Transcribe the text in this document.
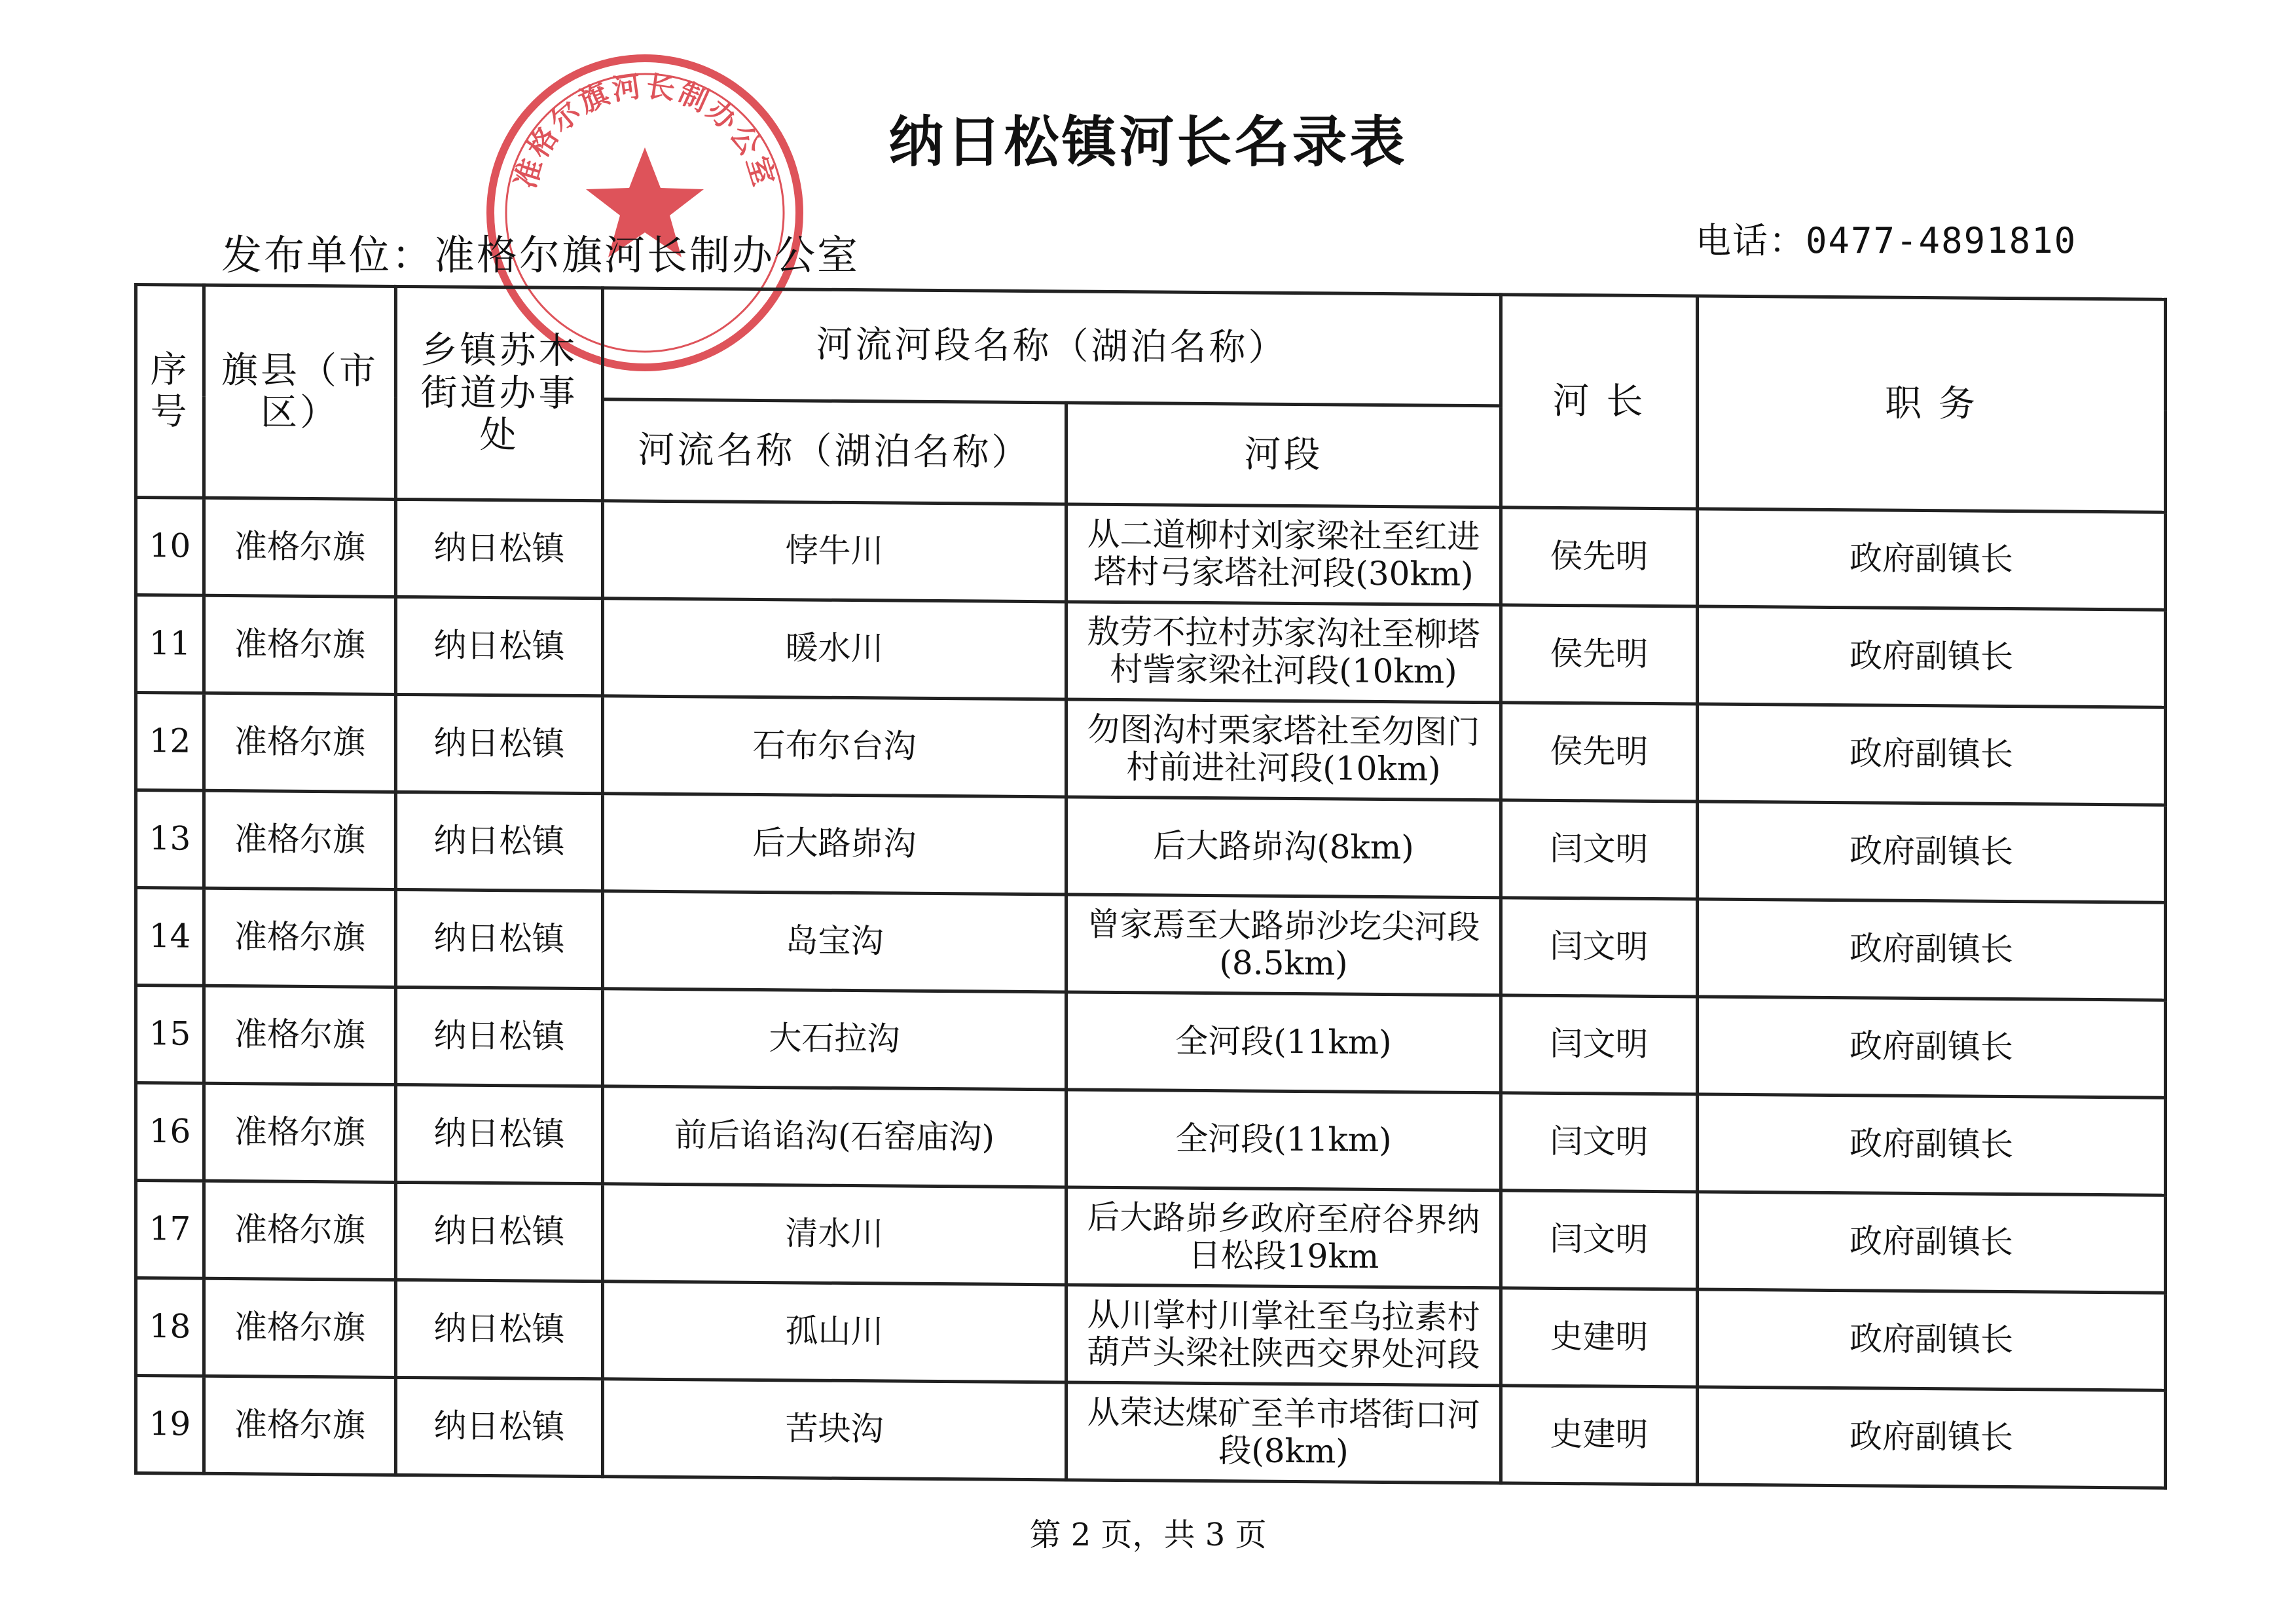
纳日松镇河长名录表
准格尔旗河长制办公室
发布单位：准格尔旗河长制办公室	电话：0477-4891810
序号	旗县（市区）	乡镇苏木街道办事处	河流河段名称（湖泊名称）		河 长	职 务
			河流名称（湖泊名称）	河段		
10	准格尔旗	纳日松镇	悖牛川	从二道柳村刘家梁社至红进塔村弓家塔社河段(30km)	侯先明	政府副镇长
11	准格尔旗	纳日松镇	暖水川	敖劳不拉村苏家沟社至柳塔村訾家梁社河段(10km)	侯先明	政府副镇长
12	准格尔旗	纳日松镇	石布尔台沟	勿图沟村栗家塔社至勿图门村前进社河段(10km)	侯先明	政府副镇长
13	准格尔旗	纳日松镇	后大路峁沟	后大路峁沟(8km)	闫文明	政府副镇长
14	准格尔旗	纳日松镇	岛宝沟	曾家焉至大路峁沙圪尖河段(8.5km)	闫文明	政府副镇长
15	准格尔旗	纳日松镇	大石拉沟	全河段(11km)	闫文明	政府副镇长
16	准格尔旗	纳日松镇	前后谄谄沟(石窑庙沟)	全河段(11km)	闫文明	政府副镇长
17	准格尔旗	纳日松镇	清水川	后大路峁乡政府至府谷界纳日松段19km	闫文明	政府副镇长
18	准格尔旗	纳日松镇	孤山川	从川掌村川掌社至乌拉素村葫芦头梁社陕西交界处河段	史建明	政府副镇长
19	准格尔旗	纳日松镇	苦块沟	从荣达煤矿至羊市塔街口河段(8km)	史建明	政府副镇长
第 2 页，共 3 页
